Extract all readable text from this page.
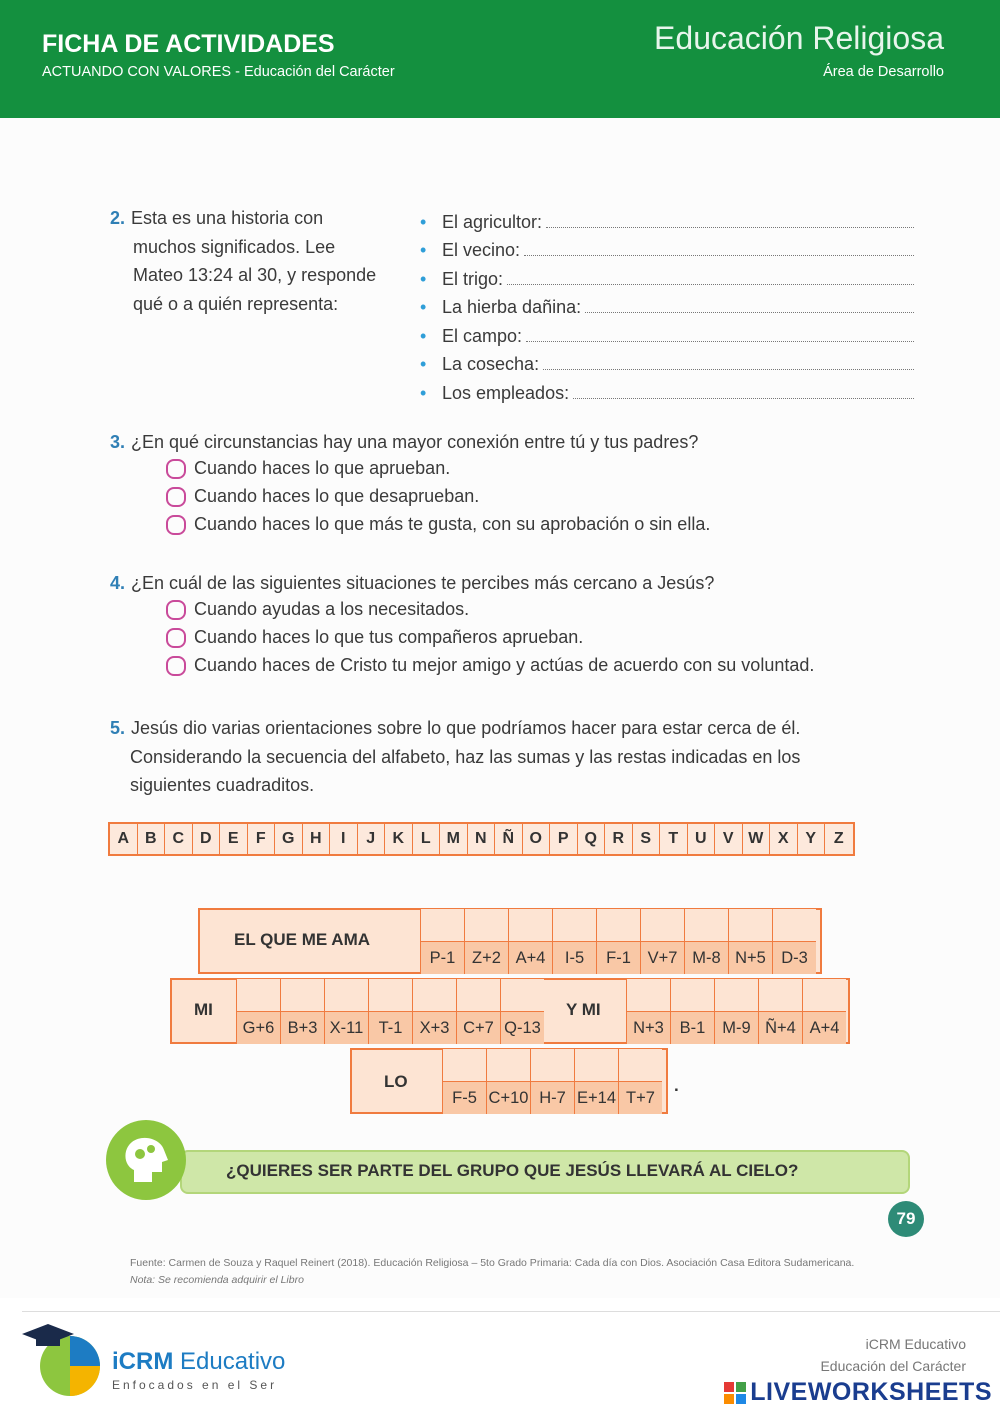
FICHA DE ACTIVIDADES
ACTUANDO CON VALORES - Educación del Carácter
Educación Religiosa
Área de Desarrollo
2. Esta es una historia con
muchos significados. Lee
Mateo 13:24 al 30, y responde
qué o a quién representa:
• El agricultor:
• El vecino:
• El trigo:
• La hierba dañina:
• El campo:
• La cosecha:
• Los empleados:
3. ¿En qué circunstancias hay una mayor conexión entre tú y tus padres?
Cuando haces lo que aprueban.
Cuando haces lo que desaprueban.
Cuando haces lo que más te gusta, con su aprobación o sin ella.
4. ¿En cuál de las siguientes situaciones te percibes más cercano a Jesús?
Cuando ayudas a los necesitados.
Cuando haces lo que tus compañeros aprueban.
Cuando haces de Cristo tu mejor amigo y actúas de acuerdo con su voluntad.
5. Jesús dio varias orientaciones sobre lo que podríamos hacer para estar cerca de él.
Considerando la secuencia del alfabeto, haz las sumas y las restas indicadas en los
siguientes cuadraditos.
A B C D	E	F	G H	I	J	K	L M N Ñ O P Q R	S	T	U	V W X	Y	Z
EL QUE ME AMA
P-1	Z+2 A+4	I-5	F-1	V+7 M-8 N+5 D-3
MI
G+6 B+3 X-11 T-1	X+3 C+7 Q-13
Y MI
N+3 B-1	M-9 Ñ+4 A+4
LO
F-5 C+10 H-7 E+14 T+7
.
¿QUIERES SER PARTE DEL GRUPO QUE JESÚS LLEVARÁ AL CIELO?
79
Fuente: Carmen de Souza y Raquel Reinert (2018). Educación Religiosa – 5to Grado Primaria: Cada día con Dios. Asociación Casa Editora Sudamericana.
Nota: Se recomienda adquirir el Libro
iCRM Educativo
Enfocados en el Ser
iCRM Educativo
Educación del Carácter
LIVEWORKSHEETS
